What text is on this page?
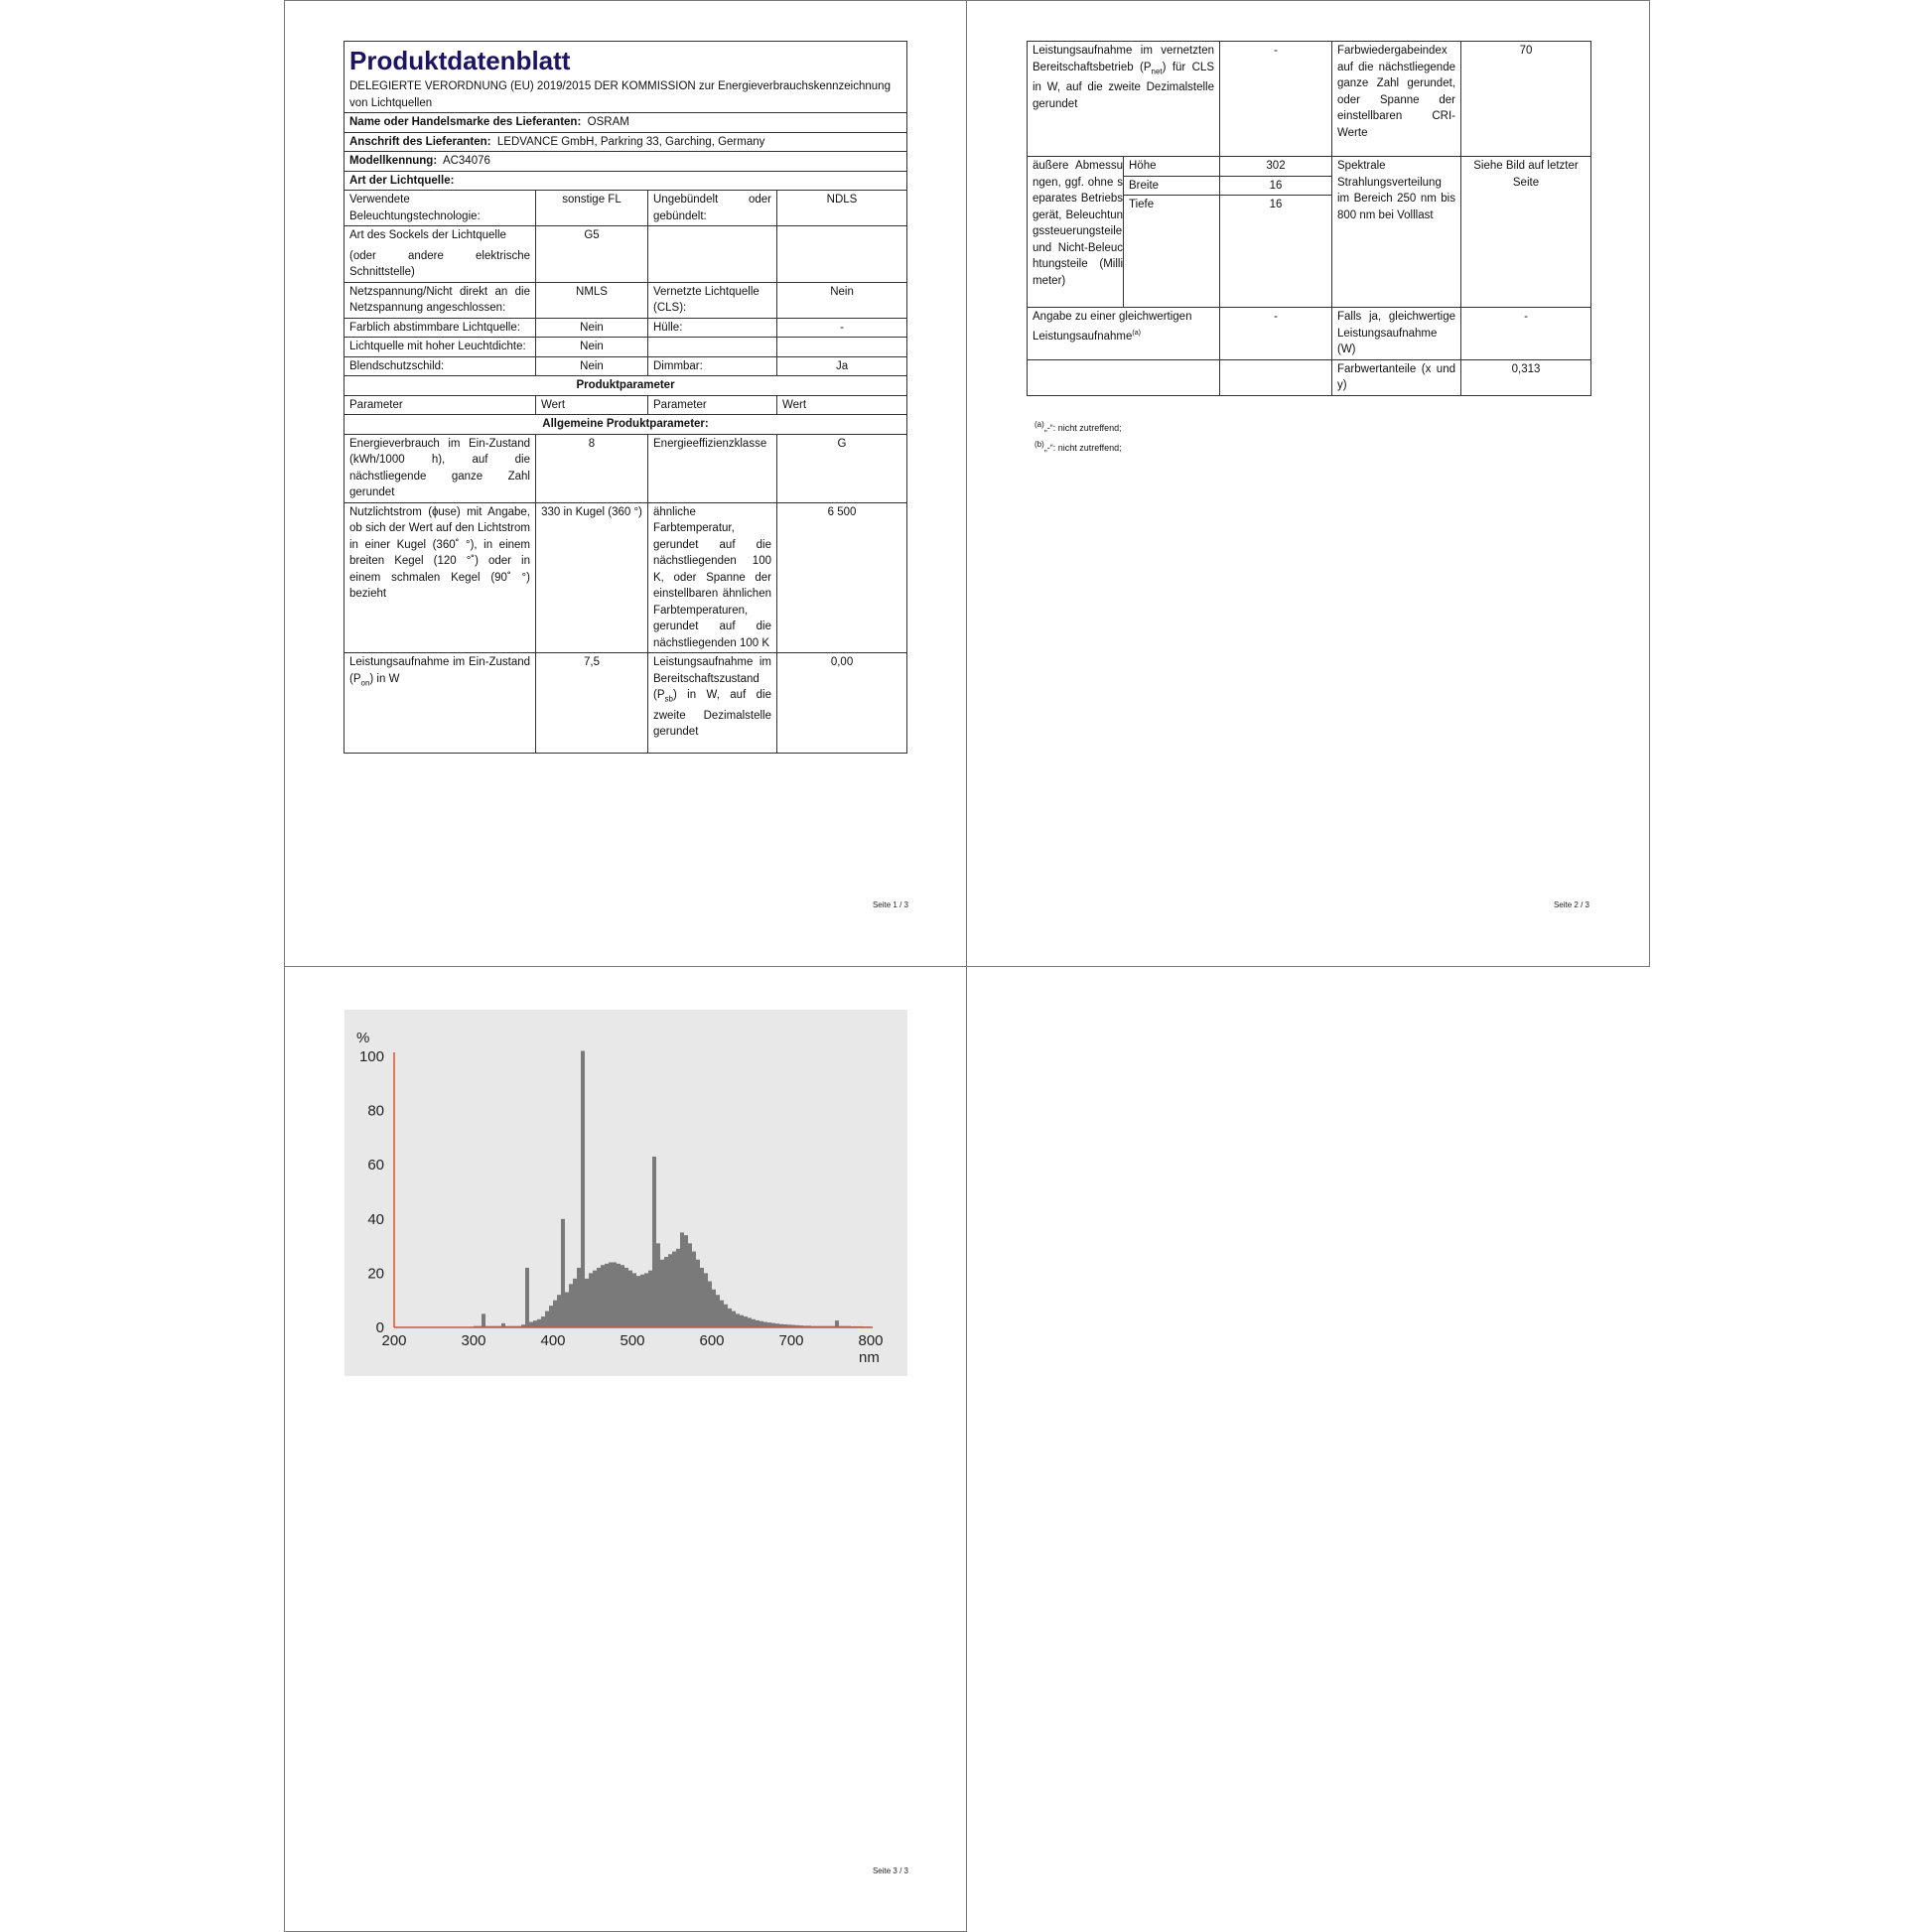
Produktdatenblatt
DELEGIERTE VERORDNUNG (EU) 2019/2015 DER KOMMISSION zur Energieverbrauchskennzeichnung von Lichtquellen			

Name oder Handelsmarke des Lieferanten: OSRAM			
Anschrift des Lieferanten: LEDVANCE GmbH, Parkring 33, Garching, Germany			
Modellkennung: AC34076			
Art der Lichtquelle:			
Verwendete Beleuchtungstechnologie:	sonstige FL	Ungebündelt oder gebündelt:	NDLS

Art des Sockels der Lichtquelle
(oder andere elektrische Schnittstelle)	G5		
Netzspannung/Nicht direkt an die Netzspannung angeschlossen:	NMLS	Vernetzte Lichtquelle (CLS):	Nein
Farblich abstimmbare Lichtquelle:	Nein	Hülle:	-
Lichtquelle mit hoher Leuchtdichte:	Nein		
Blendschutzschild:	Nein	Dimmbar:	Ja
Produktparameter			
Parameter	Wert	Parameter	Wert
Allgemeine Produktparameter:			
Energieverbrauch im Ein-Zustand (kWh/1000 h), auf die nächstliegende ganze Zahl gerundet	8	Energieeffizienzklasse	G
Nutzlichtstrom (ɸuse) mit Angabe, ob sich der Wert auf den Lichtstrom in einer Kugel (360˚ °), in einem breiten Kegel (120 °˚) oder in einem schmalen Kegel (90˚ °) bezieht	330 in Kugel (360 °)	ähnliche Farbtemperatur, gerundet auf die nächstliegenden 100 K, oder Spanne der einstellbaren ähnlichen Farbtemperaturen, gerundet auf die nächstliegenden 100 K	6 500
Leistungsaufnahme im Ein-Zustand $(P_{on})$ in W	7,5	Leistungsaufnahme im Bereitschaftszustand $(P_{sb})$ in W, auf die zweite Dezimalstelle gerundet	0,00
Seite 1 / 3
Leistungsaufnahme im vernetzten Bereitschaftsbetrieb $(P_{net})$ für CLS in W, auf die zweite Dezimalstelle gerundet		-	Farbwiedergabeindex auf die nächstliegende ganze Zahl gerundet, oder Spanne der einstellbaren CRI-Werte	70
äußere Abmessungen, ggf. ohne separates Betriebsgerät, Beleuchtungssteuerungsteile und Nicht-Beleuchtungsteile (Millimeter)	Höhe	302	Spektrale Strahlungsverteilung im Bereich 250 nm bis 800 nm bei Volllast	Siehe Bild auf letzter Seite
	Breite	16		
	Tiefe	16		
Angabe zu einer gleichwertigen Leistungsaufnahme$^{(a)}$		-	Falls ja, gleichwertige Leistungsaufnahme (W)	-
			Farbwertanteile (x und y)	0,313
$^{(a)}$„-“: nicht zutreffend;
$^{(b)}$„-“: nicht zutreffend;
Seite 2 / 3
200	300	400	500	600	700	800
0
20
40
60
80
100
%
nm
Seite 3 / 3
